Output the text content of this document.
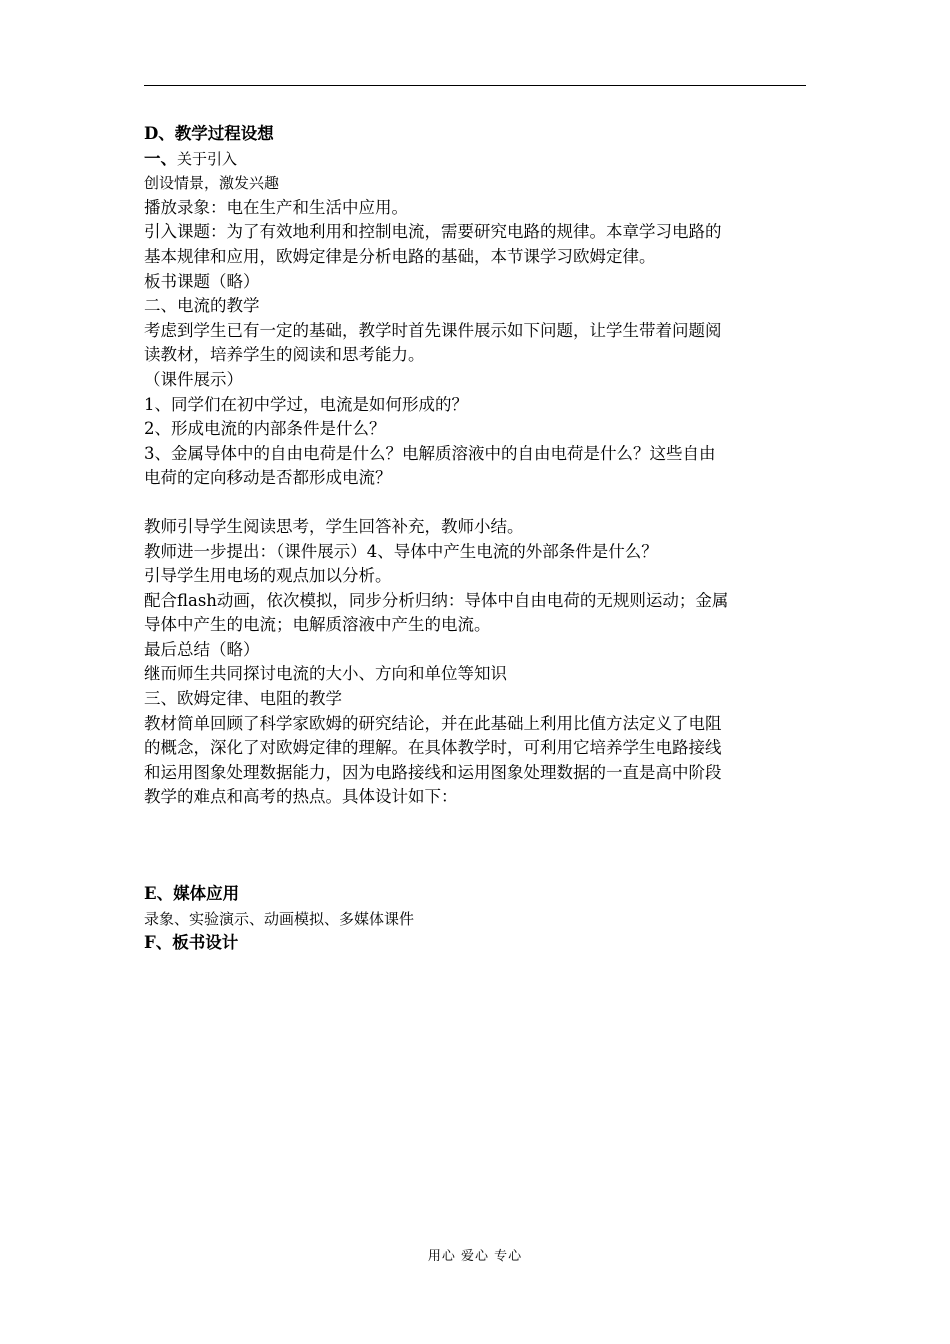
D、教学过程设想
一、关于引入
创设情景，激发兴趣
播放录象：电在生产和生活中应用。
引入课题：为了有效地利用和控制电流，需要研究电路的规律。本章学习电路的
基本规律和应用，欧姆定律是分析电路的基础，本节课学习欧姆定律。
板书课题（略）
二、电流的教学
考虑到学生已有一定的基础，教学时首先课件展示如下问题，让学生带着问题阅
读教材，培养学生的阅读和思考能力。
（课件展示）
1、同学们在初中学过，电流是如何形成的？
2、形成电流的内部条件是什么？
3、金属导体中的自由电荷是什么？电解质溶液中的自由电荷是什么？这些自由
电荷的定向移动是否都形成电流？
教师引导学生阅读思考，学生回答补充，教师小结。
教师进一步提出：（课件展示）4、导体中产生电流的外部条件是什么？
引导学生用电场的观点加以分析。
配合flash动画，依次模拟，同步分析归纳：导体中自由电荷的无规则运动；金属
导体中产生的电流；电解质溶液中产生的电流。
最后总结（略）
继而师生共同探讨电流的大小、方向和单位等知识
三、欧姆定律、电阻的教学
教材简单回顾了科学家欧姆的研究结论，并在此基础上利用比值方法定义了电阻
的概念，深化了对欧姆定律的理解。在具体教学时，可利用它培养学生电路接线
和运用图象处理数据能力，因为电路接线和运用图象处理数据的一直是高中阶段
教学的难点和高考的热点。具体设计如下：
E、媒体应用
录象、实验演示、动画模拟、多媒体课件
F、板书设计
用心 爱心 专心
